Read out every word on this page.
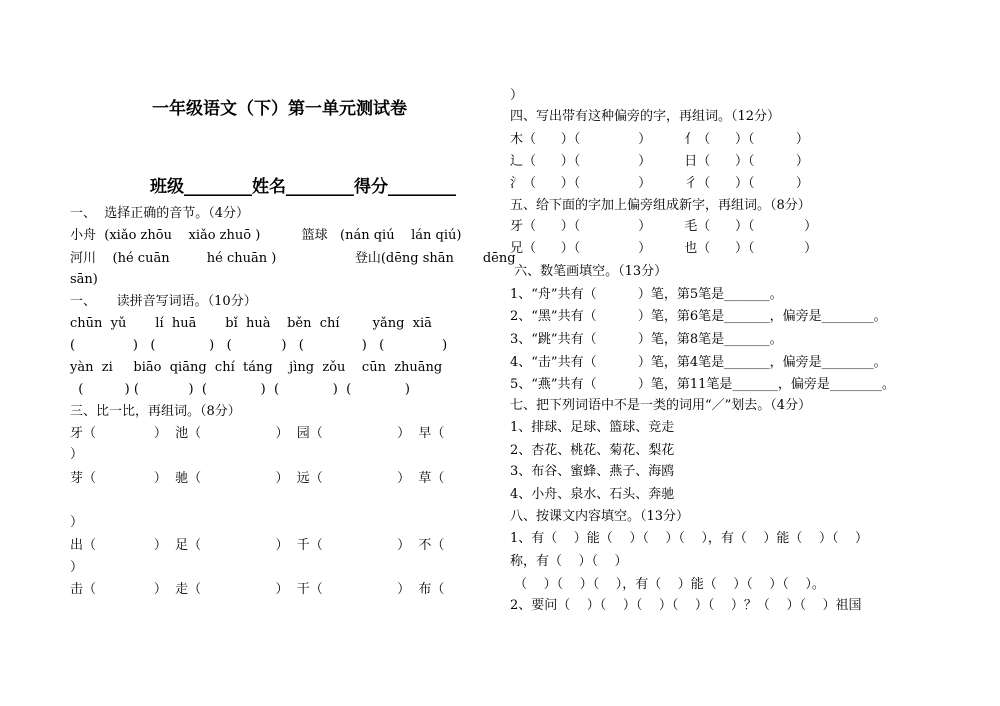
一年级语文（下）第一单元测试卷
班级________姓名________得分________
一、  选择正确的音节。（4分）
小舟  (xiǎo zhōu    xiǎo zhuō )          篮球   (nán qiú    lán qiú)
河川    (hé cuān         hé chuān )                   登山(dēng shān       dēng
sān)
一、     读拼音写词语。（10分）
chūn  yǔ       lí  huā       bǐ  huà    běn  chí        yǎng  xiā
(              )   (             )   (            )   (              )   (              )
yàn  zi     biāo  qiāng  chí  táng    jìng  zǒu    cūn  zhuāng
(          ) (            )  (             )  (             )  (             )
三、比一比，再组词。（8分）
牙（              ）  池（                  ）  园（                  ）  早（
）
芽（              ）  驰（                  ）  远（                  ）  草（
）
出（              ）  足（                  ）  千（                  ）  不（
）
击（              ）  走（                  ）  干（                  ）  布（
）
四、写出带有这种偏旁的字，再组词。（12分）
木（      ）（              ）        亻（      ）（          ）
辶（      ）（              ）        日（      ）（          ）
氵（      ）（              ）        彳（      ）（          ）
五、给下面的字加上偏旁组成新字，再组词。（8分）
牙（      ）（              ）        毛（      ）（            ）
兄（      ）（              ）        也（      ）（            ）
六、数笔画填空。（13分）
1、“舟”共有（          ）笔，第5笔是_______。
2、“黑”共有（          ）笔，第6笔是_______，偏旁是________。
3、“跳”共有（          ）笔，第8笔是_______。
4、“击”共有（          ）笔，第4笔是_______，偏旁是________。
5、“燕”共有（          ）笔，第11笔是_______，偏旁是________。
七、把下列词语中不是一类的词用“／”划去。（4分）
1、排球、足球、篮球、竞走
2、杏花、桃花、菊花、梨花
3、布谷、蜜蜂、燕子、海鸥
4、小舟、泉水、石头、奔驰
八、按课文内容填空。（13分）
1、有（    ）能（    ）（    ）（    ），有（    ）能（    ）（    ）
称，有（    ）（    ）
（    ）（    ）（    ），有（    ）能（    ）（    ）（    ）。
2、要问（    ）（    ）（    ）（    ）（    ）？（    ）（    ）祖国
